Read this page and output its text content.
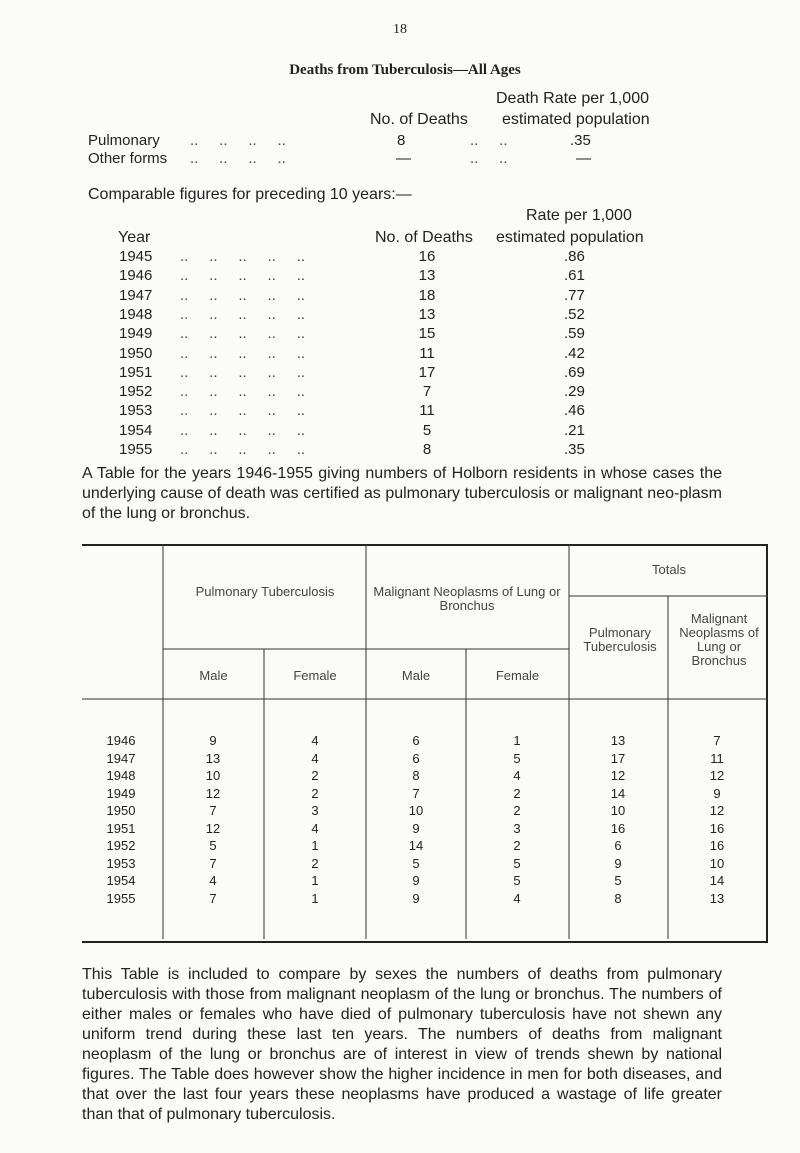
18
Deaths from Tuberculosis—All Ages
Death Rate per 1,000
No. of Deaths estimated population
Pulmonary ..     ..     ..     ..	8	..     ..	.35
Other forms ..     ..     ..     ..	—	..     ..	—
Comparable figures for preceding 10 years:—
Rate per 1,000
Year	No. of Deaths estimated population
1945 ..     ..     ..     ..     ..	16	.86
1946 ..     ..     ..     ..     ..	13	.61
1947 ..     ..     ..     ..     ..	18	.77
1948 ..     ..     ..     ..     ..	13	.52
1949 ..     ..     ..     ..     ..	15	.59
1950 ..     ..     ..     ..     ..	11	.42
1951 ..     ..     ..     ..     ..	17	.69
1952 ..     ..     ..     ..     ..	7	.29
1953 ..     ..     ..     ..     ..	11	.46
1954 ..     ..     ..     ..     ..	5	.21
1955 ..     ..     ..     ..     ..	8	.35
A Table for the years 1946-1955 giving numbers of Holborn residents in whose cases the underlying cause of death was certified as pulmonary tuberculosis or malignant neo-plasm of the lung or bronchus.
Pulmonary Tuberculosis	Malignant Neoplasms of Lung or Bronchus
Totals
Pulmonary Tuberculosis
Malignant Neoplasms of Lung or Bronchus
Male	Female	Male	Female
1946	9	4	6	1	13	7
1947	13	4	6	5	17	11
1948	10	2	8	4	12	12
1949	12	2	7	2	14	9
1950	7	3	10	2	10	12
1951	12	4	9	3	16	16
1952	5	1	14	2	6	16
1953	7	2	5	5	9	10
1954	4	1	9	5	5	14
1955	7	1	9	4	8	13
This Table is included to compare by sexes the numbers of deaths from pulmonary tuberculosis with those from malignant neoplasm of the lung or bronchus. The numbers of either males or females who have died of pulmonary tuberculosis have not shewn any uniform trend during these last ten years. The numbers of deaths from malignant neoplasm of the lung or bronchus are of interest in view of trends shewn by national figures. The Table does however show the higher incidence in men for both diseases, and that over the last four years these neoplasms have produced a wastage of life greater than that of pulmonary tuberculosis.
